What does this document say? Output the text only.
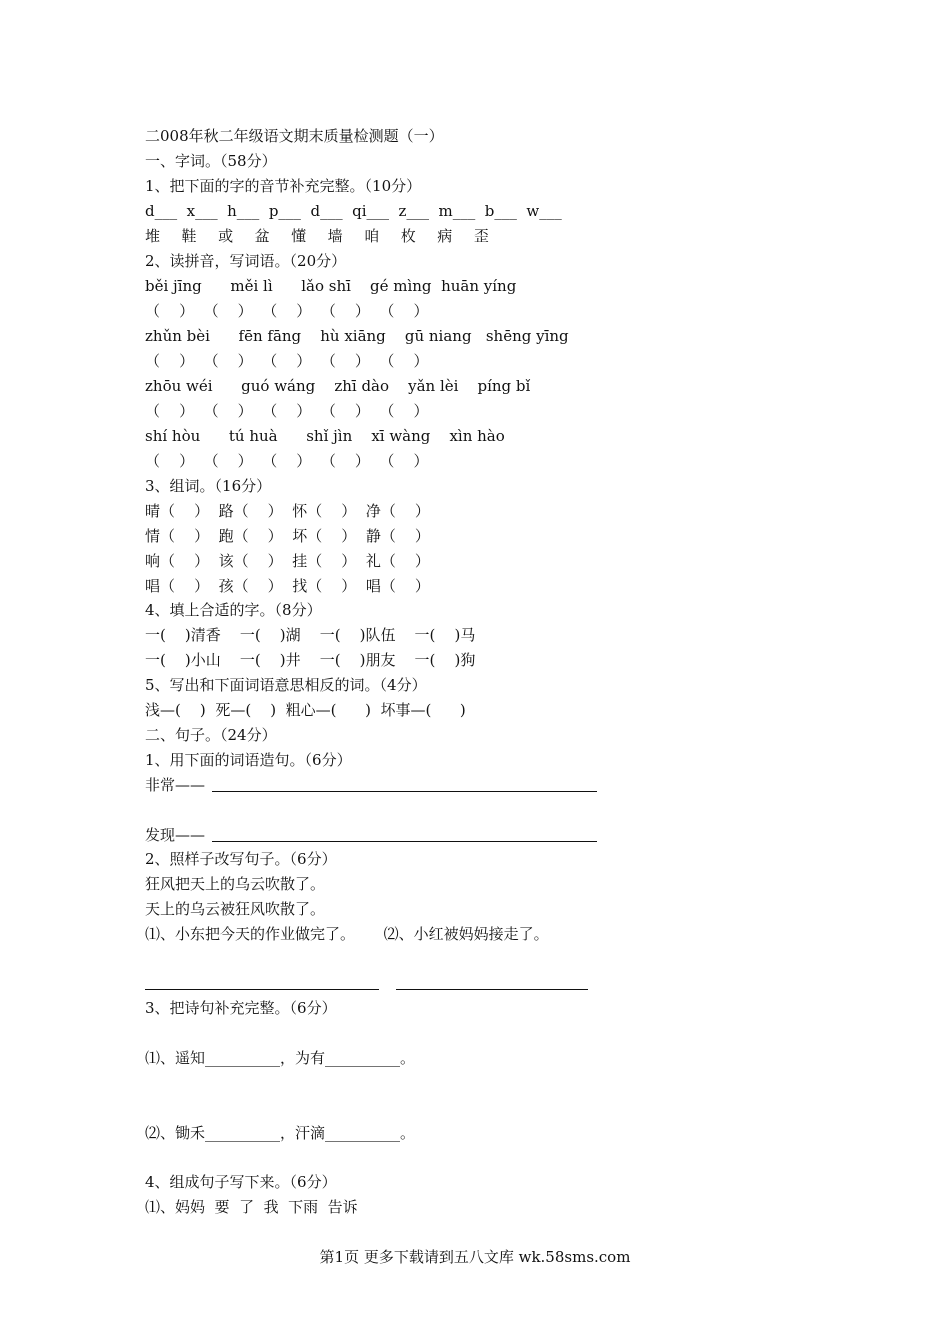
二008年秋二年级语文期末质量检测题（一）
一、字词。（58分）
1、把下面的字的音节补充完整。（10分）
d___  x___  h___  p___  d___  qi___  z___  m___  b___  w___
堆  鞋  或  盆  懂  墙  咱  枚  病  歪
2、读拼音，写词语。（20分）
běi jīng      měi lì      lǎo shī    gé mìng  huān yíng
（    ）  （    ）  （    ）  （    ）  （    ）
zhǔn bèi      fēn fāng    hù xiāng    gū niang   shēng yīng
（    ）  （    ）  （    ）  （    ）  （    ）
zhōu wéi      guó wáng    zhī dào    yǎn lèi    píng bǐ
（    ）  （    ）  （    ）  （    ）  （    ）
shí hòu      tú huà      shǐ jìn    xī wàng    xìn hào
（    ）  （    ）  （    ）  （    ）  （    ）
3、组词。（16分）
晴（    ）  路（    ）  怀（    ）  净（    ）
情（    ）  跑（    ）  坏（    ）  静（    ）
响（    ）  该（    ）  挂（    ）  礼（    ）
唱（    ）  孩（    ）  找（    ）  唱（    ）
4、填上合适的字。（8分）
一(    )清香    一(    )湖    一(    )队伍    一(    )马
一(    )小山    一(    )井    一(    )朋友    一(    )狗
5、写出和下面词语意思相反的词。（4分）
浅—(    )  死—(    )  粗心—(      )  坏事—(      )
二、句子。（24分）
1、用下面的词语造句。（6分）
非常——
发现——
2、照样子改写句子。（6分）
狂风把天上的乌云吹散了。
天上的乌云被狂风吹散了。
⑴、小东把今天的作业做完了。      ⑵、小红被妈妈接走了。
3、把诗句补充完整。（6分）
⑴、遥知__________，为有__________。
⑵、锄禾__________，汗滴__________。
4、组成句子写下来。（6分）
⑴、妈妈  要  了  我  下雨  告诉
第1页 更多下载请到五八文库 wk.58sms.com
